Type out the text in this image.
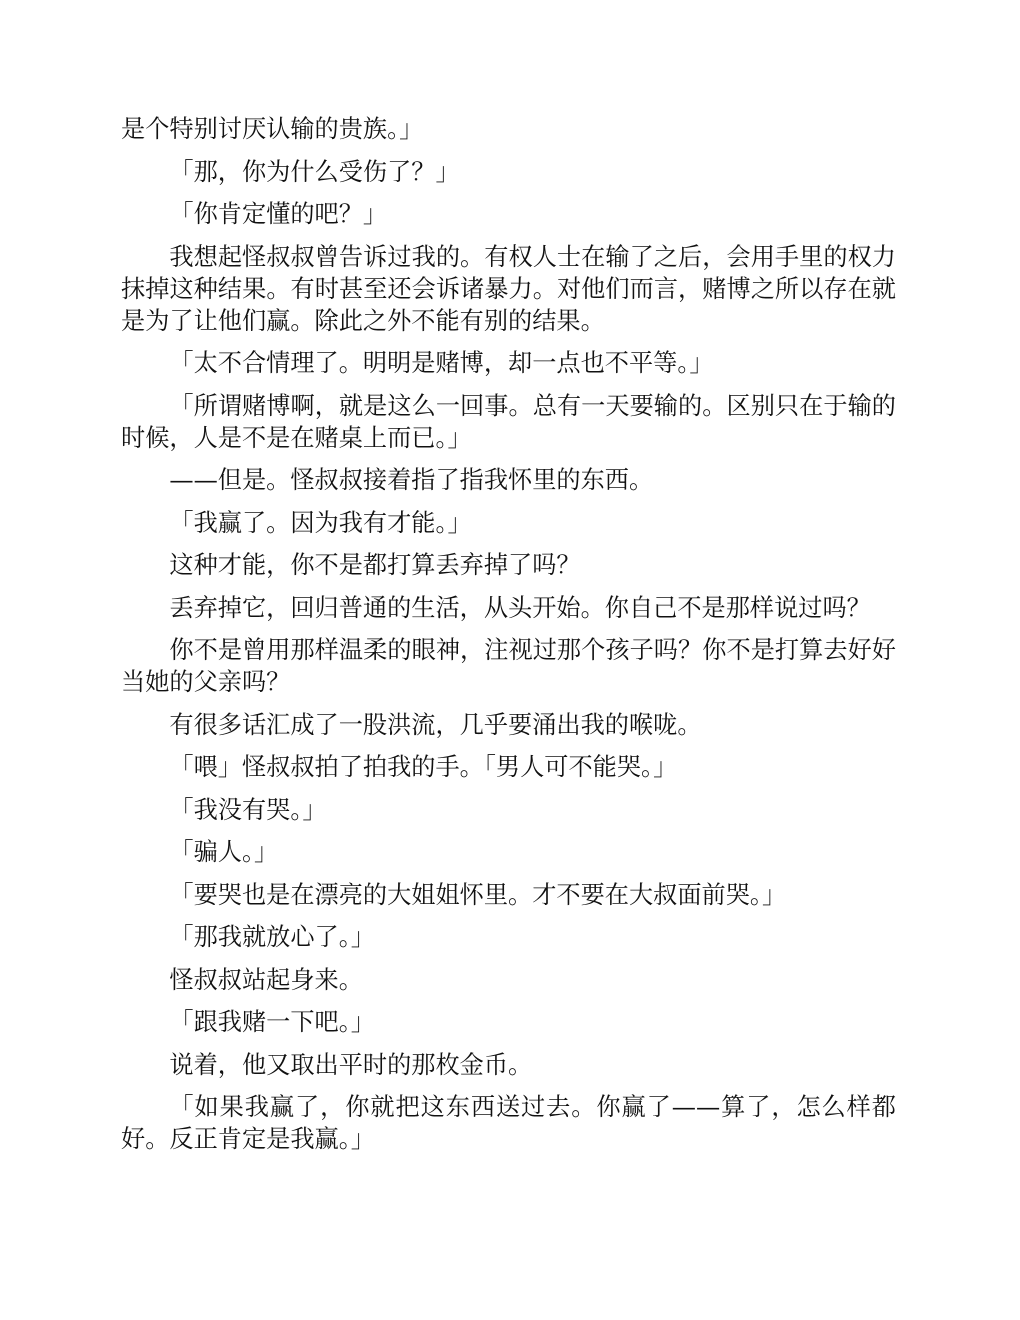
是个特别讨厌认输的贵族。」

「那，你为什么受伤了？」

「你肯定懂的吧？」

我想起怪叔叔曾告诉过我的。有权人士在输了之后，会用手里的权力抹掉这种结果。有时甚至还会诉诸暴力。对他们而言，赌博之所以存在就是为了让他们赢。除此之外不能有别的结果。

「太不合情理了。明明是赌博，却一点也不平等。」

「所谓赌博啊，就是这么一回事。总有一天要输的。区别只在于输的时候，人是不是在赌桌上而已。」

——但是。怪叔叔接着指了指我怀里的东西。

「我赢了。因为我有才能。」

这种才能，你不是都打算丢弃掉了吗？

丢弃掉它，回归普通的生活，从头开始。你自己不是那样说过吗？

你不是曾用那样温柔的眼神，注视过那个孩子吗？你不是打算去好好当她的父亲吗？

有很多话汇成了一股洪流，几乎要涌出我的喉咙。

「喂」怪叔叔拍了拍我的手。「男人可不能哭。」

「我没有哭。」

「骗人。」

「要哭也是在漂亮的大姐姐怀里。才不要在大叔面前哭。」

「那我就放心了。」

怪叔叔站起身来。

「跟我赌一下吧。」

说着，他又取出平时的那枚金币。

「如果我赢了，你就把这东西送过去。你赢了——算了，怎么样都好。反正肯定是我赢。」
